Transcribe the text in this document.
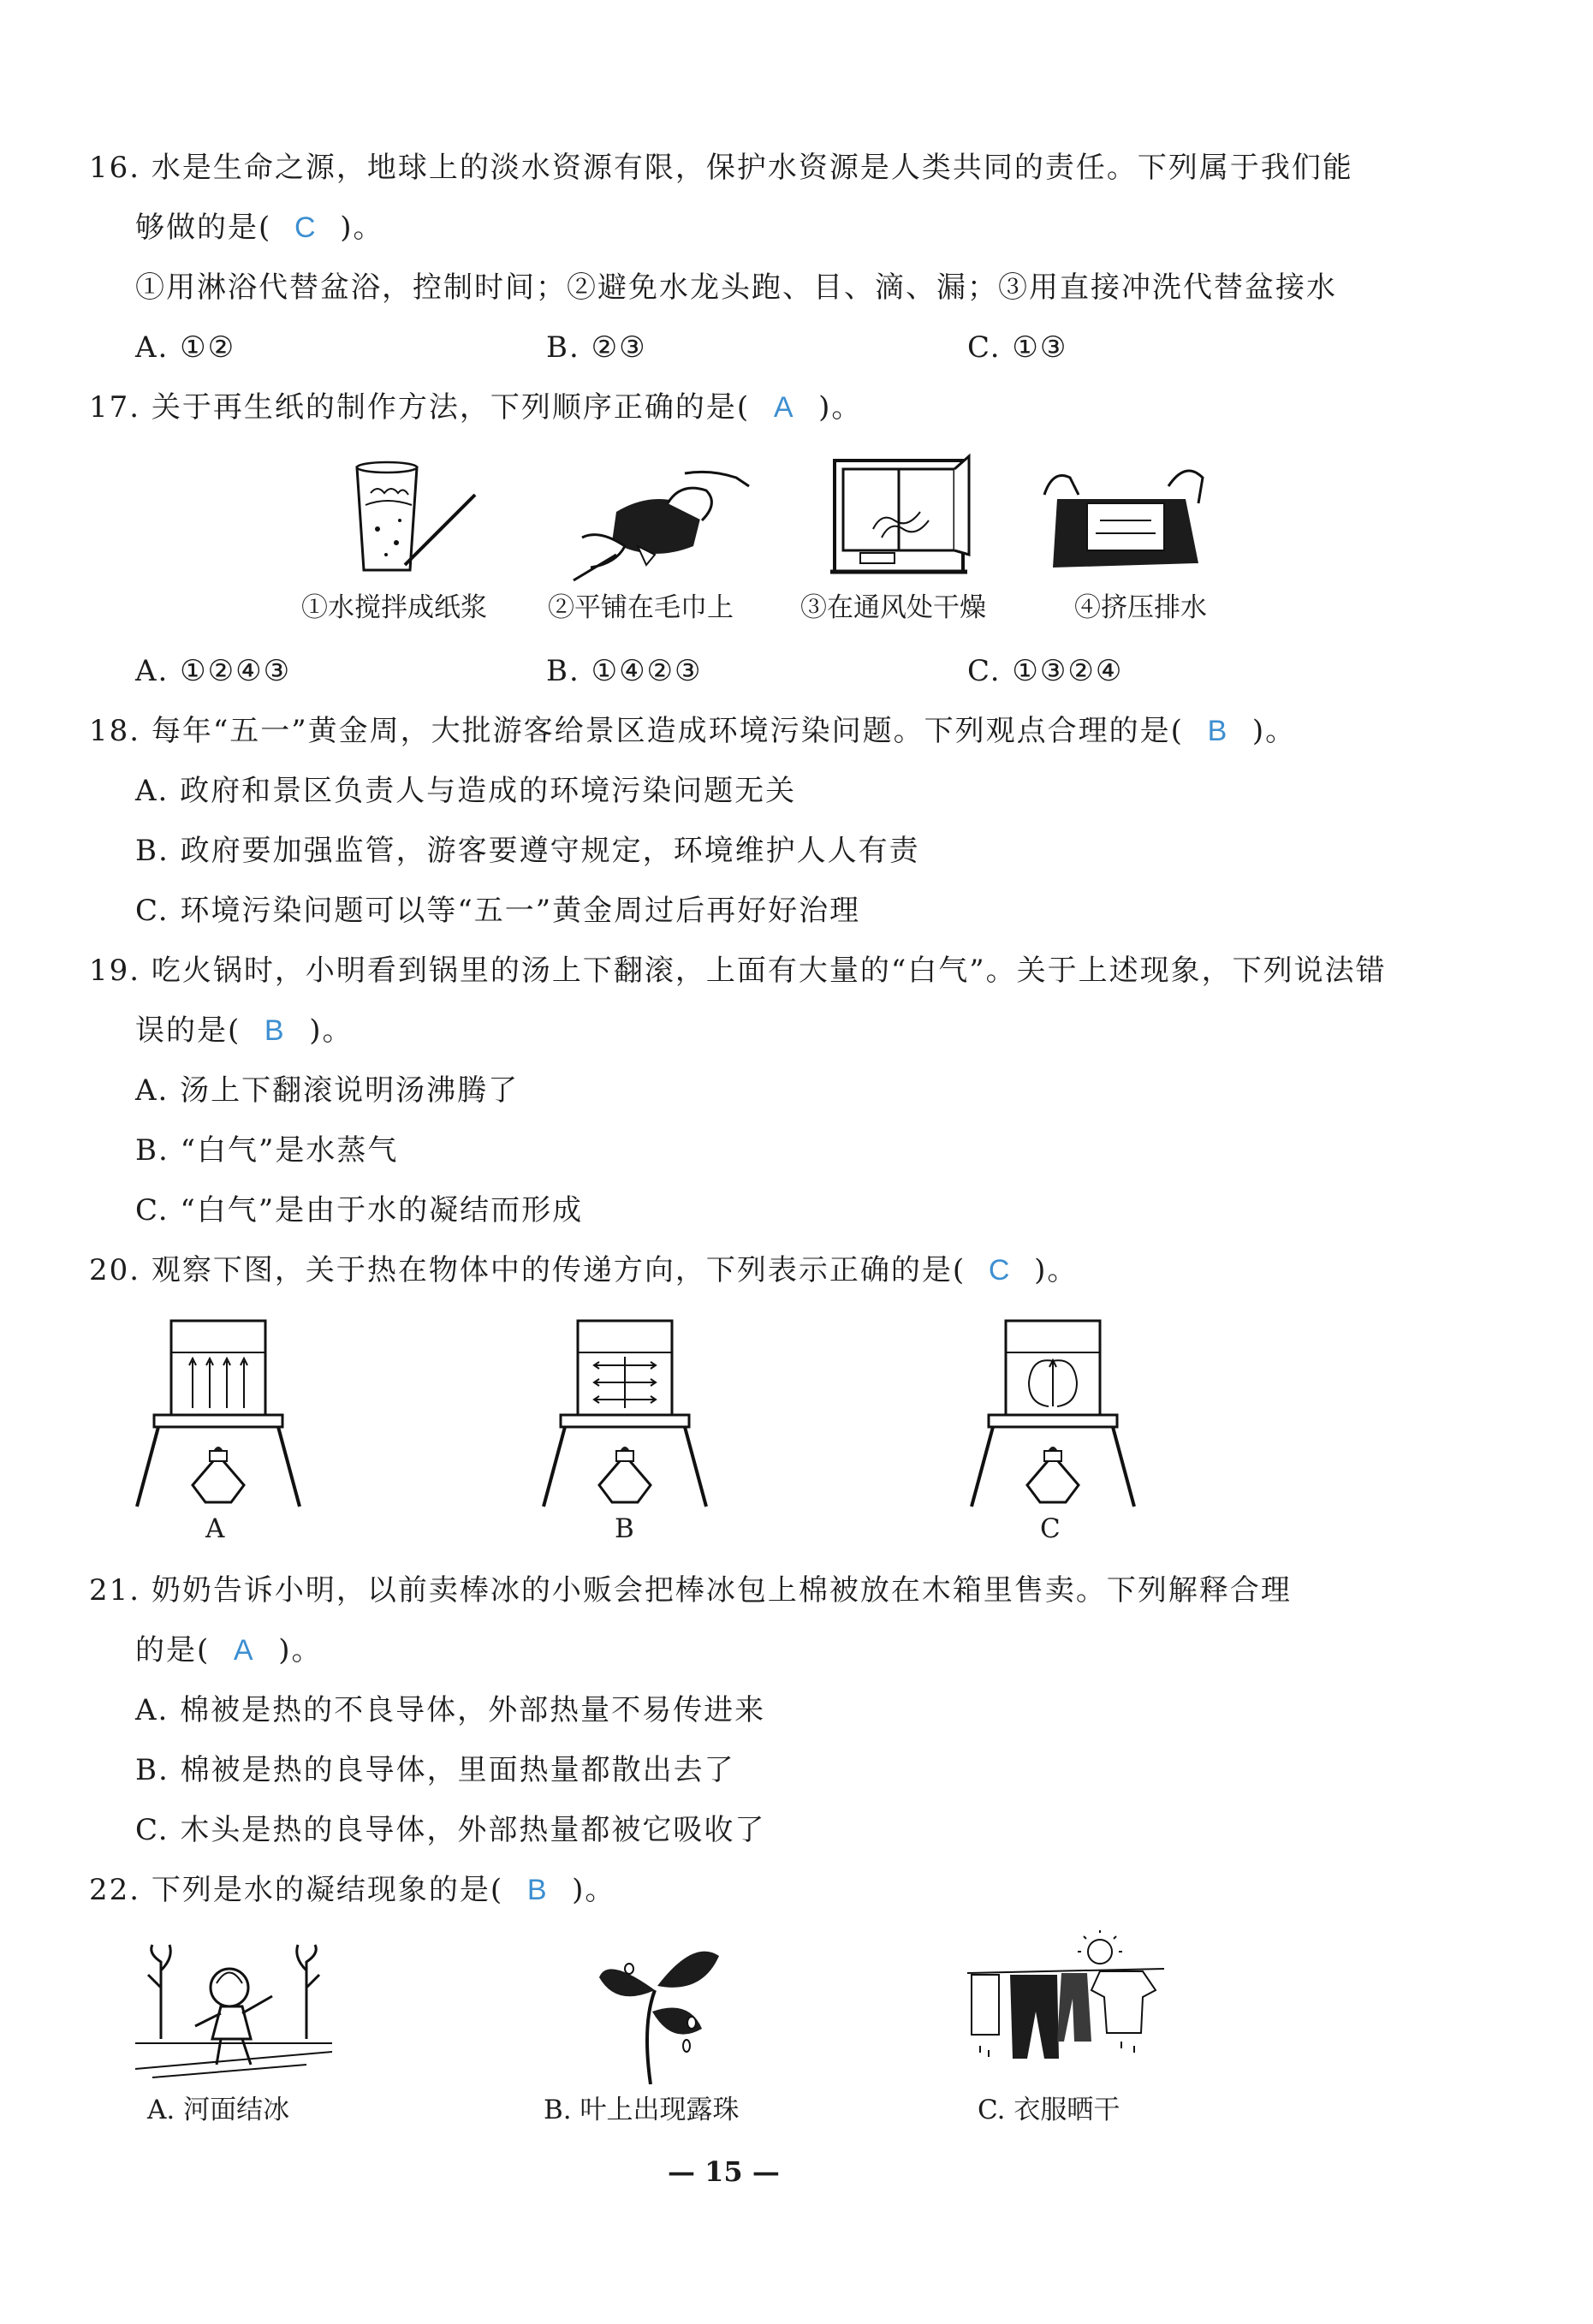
16. 水是生命之源，地球上的淡水资源有限，保护水资源是人类共同的责任。下列属于我们能
够做的是( C )。
①用淋浴代替盆浴，控制时间；②避免水龙头跑、目、滴、漏；③用直接冲洗代替盆接水
A. ①②	B. ②③	C. ①③
17. 关于再生纸的制作方法，下列顺序正确的是( A )。
①水搅拌成纸浆 ②平铺在毛巾上	③在通风处干燥	④挤压排水
A. ①②④③	B. ①④②③	C. ①③②④
18. 每年“五一”黄金周，大批游客给景区造成环境污染问题。下列观点合理的是( B )。
A. 政府和景区负责人与造成的环境污染问题无关
B. 政府要加强监管，游客要遵守规定，环境维护人人有责
C. 环境污染问题可以等“五一”黄金周过后再好好治理
19. 吃火锅时，小明看到锅里的汤上下翻滚，上面有大量的“白气”。关于上述现象，下列说法错
误的是( B )。
A. 汤上下翻滚说明汤沸腾了
B. “白气”是水蒸气
C. “白气”是由于水的凝结而形成
20. 观察下图，关于热在物体中的传递方向，下列表示正确的是( C )。
A	B	C
21. 奶奶告诉小明，以前卖棒冰的小贩会把棒冰包上棉被放在木箱里售卖。下列解释合理
的是( A )。
A. 棉被是热的不良导体，外部热量不易传进来
B. 棉被是热的良导体，里面热量都散出去了
C. 木头是热的良导体，外部热量都被它吸收了
22. 下列是水的凝结现象的是( B )。
A. 河面结冰	B. 叶上出现露珠	C. 衣服晒干
— 15 —
